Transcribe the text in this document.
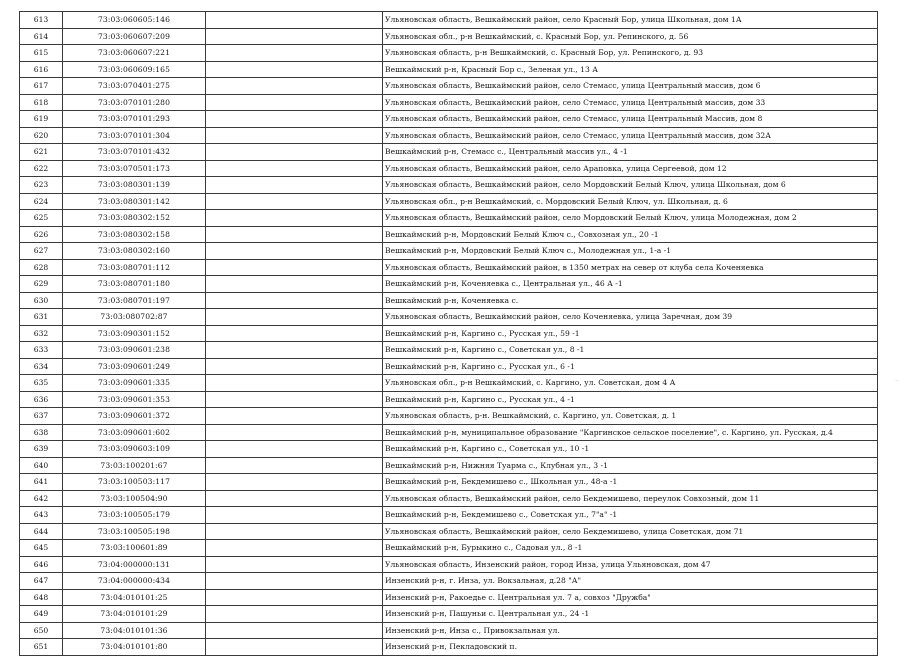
613	73:03:060605:146		Ульяновская область, Вешкаймский район, село Красный Бор, улица Школьная, дом 1А
614	73:03:060607:209		Ульяновская обл., р-н Вешкаймский, с. Красный Бор, ул. Репинского, д. 56
615	73:03:060607:221		Ульяновская область, р-н Вешкаймский, с. Красный Бор, ул. Репинского, д. 93
616	73:03:060609:165		Вешкаймский р-н, Красный Бор с., Зеленая ул., 13 А
617	73:03:070401:275		Ульяновская область, Вешкаймский район, село Стемасс, улица Центральный массив, дом 6
618	73:03:070101:280		Ульяновская область, Вешкаймский район, село Стемасс, улица Центральный массив, дом 33
619	73:03:070101:293		Ульяновская область, Вешкаймский район, село Стемасс, улица Центральный Массив, дом 8
620	73:03:070101:304		Ульяновская область, Вешкаймский район, село Стемасс, улица Центральный массив, дом 32А
621	73:03:070101:432		Вешкаймский р-н, Стемасс с., Центральный массив ул., 4 -1
622	73:03:070501:173		Ульяновская область, Вешкаймский район, село Араповка, улица Сергеевой, дом 12
623	73:03:080301:139		Ульяновская область, Вешкаймский район, село Мордовский Белый Ключ, улица Школьная, дом 6
624	73:03:080301:142		Ульяновская обл., р-н Вешкаймский, с. Мордовский Белый Ключ, ул. Школьная, д. 6
625	73:03:080302:152		Ульяновская область, Вешкаймский район, село Мордовский Белый Ключ, улица Молодежная, дом 2
626	73:03:080302:158		Вешкаймский р-н, Мордовский Белый Ключ с., Совхозная ул., 20 -1
627	73:03:080302:160		Вешкаймский р-н, Мордовский Белый Ключ с., Молодежная ул., 1-а -1
628	73:03:080701:112		Ульяновская область, Вешкаймский район, в 1350 метрах на север от клуба села Коченяевка
629	73:03:080701:180		Вешкаймский р-н, Коченяевка с., Центральная ул., 46 А -1
630	73:03:080701:197		Вешкаймский р-н, Коченяевка с.
631	73:03:080702:87		Ульяновская область, Вешкаймский район, село Коченяевка, улица Заречная, дом 39
632	73:03:090301:152		Вешкаймский р-н, Каргино с., Русская ул., 59 -1
633	73:03:090601:238		Вешкаймский р-н, Каргино с., Советская ул., 8 -1
634	73:03:090601:249		Вешкаймский р-н, Каргино с., Русская ул., 6 -1
635	73:03:090601:335		Ульяновская обл., р-н Вешкаймский, с. Каргино, ул. Советская, дом 4 А
636	73:03:090601:353		Вешкаймский р-н, Каргино с., Русская ул., 4 -1
637	73:03:090601:372		Ульяновская область, р-н. Вешкаймский, с. Каргино, ул. Советская, д. 1
638	73:03:090601:602		Вешкаймский р-н, муниципальное образование "Каргинское сельское поселение", с. Каргино, ул. Русская, д.4
639	73:03:090603:109		Вешкаймский р-н, Каргино с., Советская ул., 10 -1
640	73:03:100201:67		Вешкаймский р-н, Нижняя Туарма с., Клубная ул., 3 -1
641	73:03:100503:117		Вешкаймский р-н, Бекдемишево с., Школьная ул., 48-а -1
642	73:03:100504:90		Ульяновская область, Вешкаймский район, село Бекдемишево, переулок Совхозный, дом 11
643	73:03:100505:179		Вешкаймский р-н, Бекдемишево с., Советская ул., 7"а" -1
644	73:03:100505:198		Ульяновская область, Вешкаймский район, село Бекдемишево, улица Советская, дом 71
645	73:03:100601:89		Вешкаймский р-н, Бурыкино с., Садовая ул., 8 -1
646	73:04:000000:131		Ульяновская область, Инзенский район, город Инза, улица Ульяновская, дом 47
647	73:04:000000:434		Инзенский р-н, г. Инза, ул. Вокзальная, д.28 "А"
648	73:04:010101:25		Инзенский р-н, Ракоедье с. Центральная ул. 7 а, совхоз "Дружба"
649	73:04:010101:29		Инзенский р-н, Пашуньи с. Центральная ул., 24 -1
650	73:04:010101:36		Инзенский р-н, Инза с., Привокзальная ул.
651	73:04:010101:80		Инзенский р-н, Пекладовский п.
··
